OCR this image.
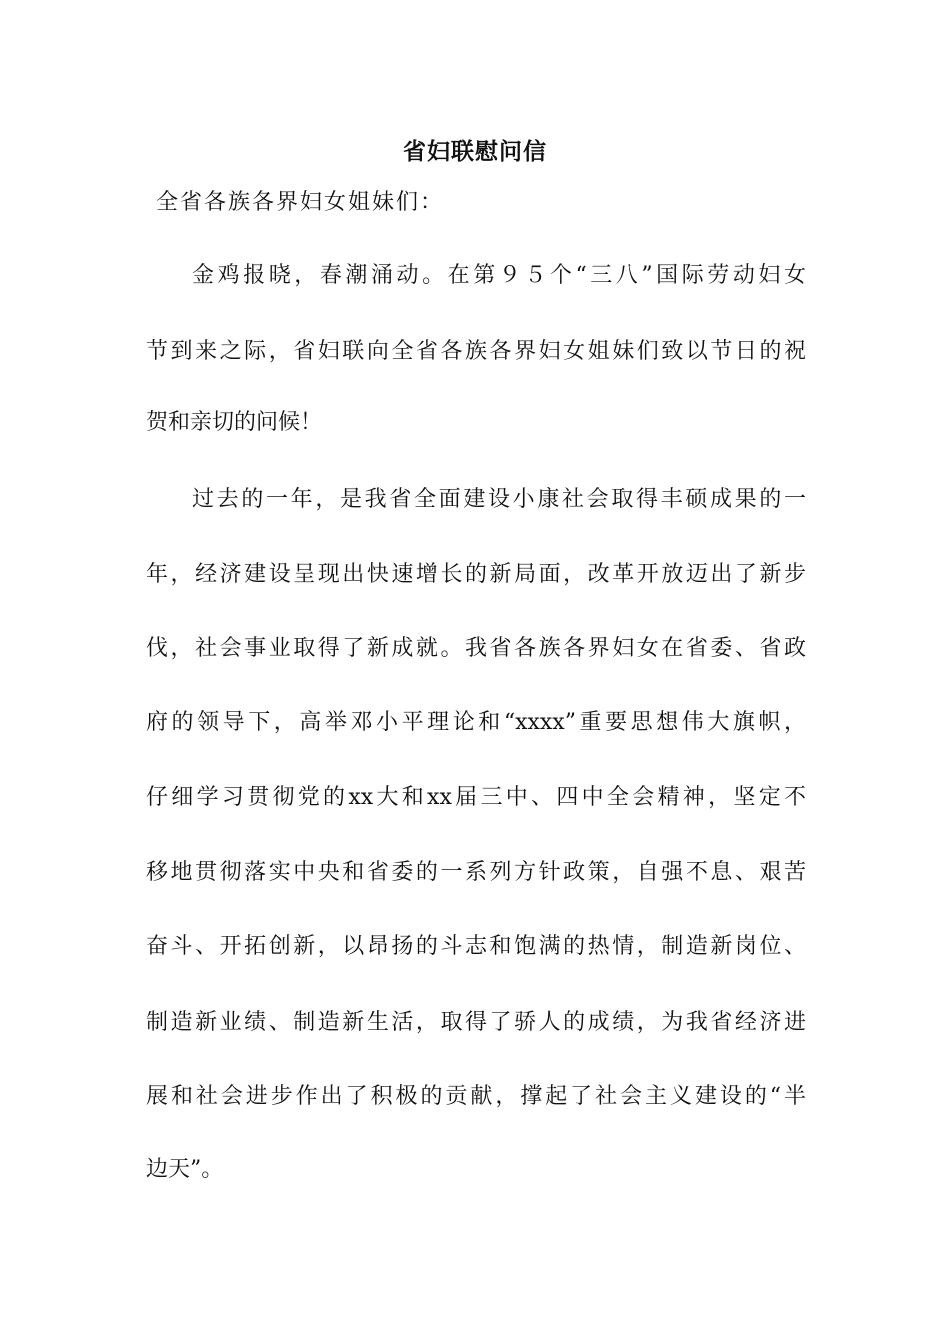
省妇联慰问信
全省各族各界妇女姐妹们：
金鸡报晓，春潮涌动。在第９５个“三八”国际劳动妇女
节到来之际，省妇联向全省各族各界妇女姐妹们致以节日的祝
贺和亲切的问候！
过去的一年，是我省全面建设小康社会取得丰硕成果的一
年，经济建设呈现出快速增长的新局面，改革开放迈出了新步
伐，社会事业取得了新成就。我省各族各界妇女在省委、省政
府的领导下，高举邓小平理论和“xxxx”重要思想伟大旗帜，
仔细学习贯彻党的xx大和xx届三中、四中全会精神，坚定不
移地贯彻落实中央和省委的一系列方针政策，自强不息、艰苦
奋斗、开拓创新，以昂扬的斗志和饱满的热情，制造新岗位、
制造新业绩、制造新生活，取得了骄人的成绩，为我省经济进
展和社会进步作出了积极的贡献，撑起了社会主义建设的“半
边天”。
